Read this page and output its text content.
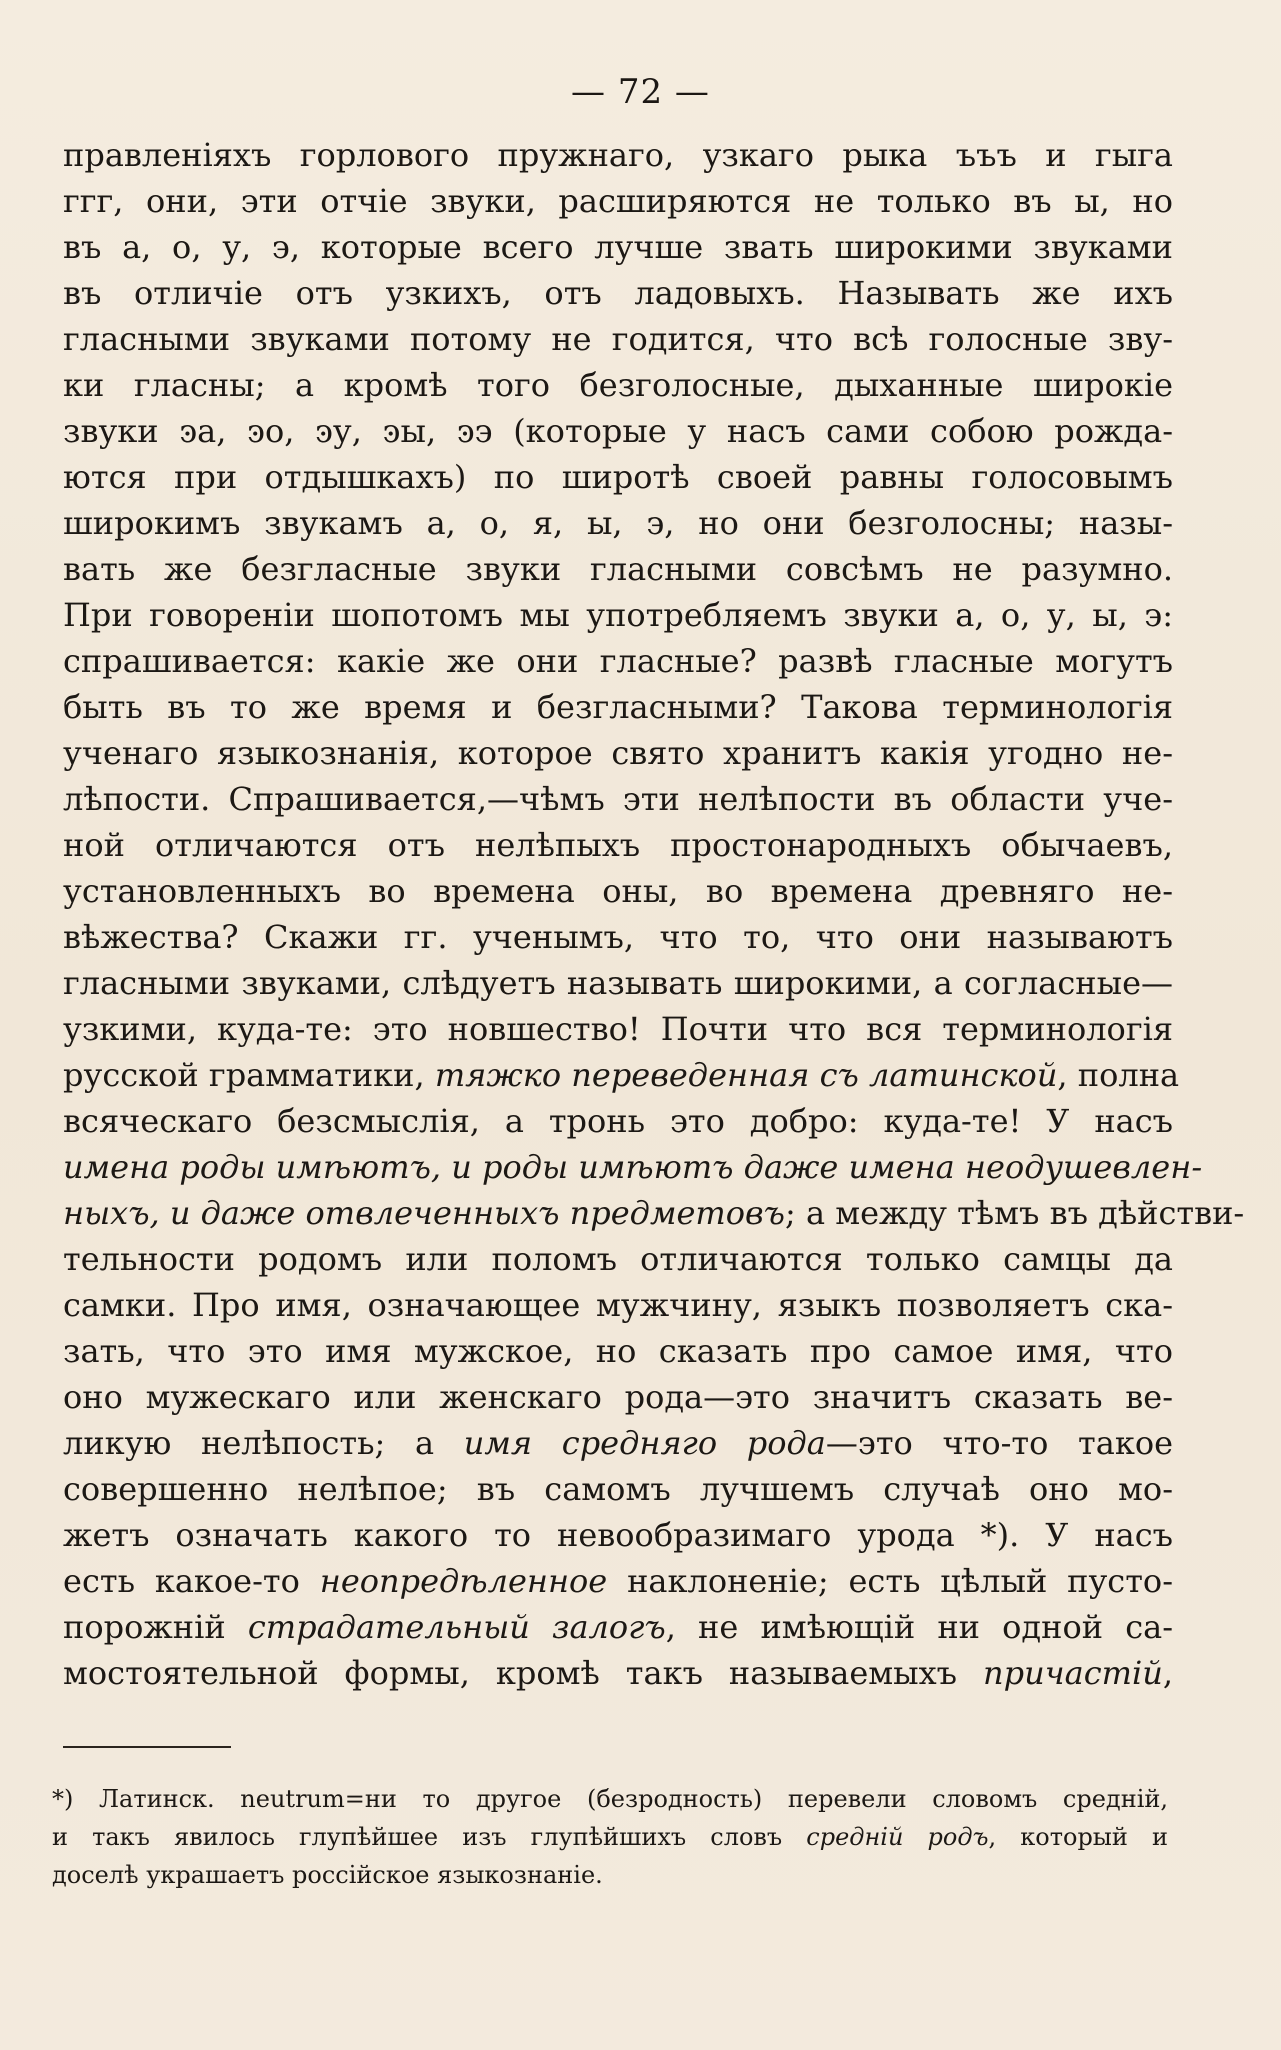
— 72 —
правленіяхъ горлового пружнаго, узкаго рыка ъъъ и гыга
ггг, они, эти отчіе звуки, расширяются не только въ ы, но
въ а, о, у, э, которые всего лучше звать широкими звуками
въ отличіе отъ узкихъ, отъ ладовыхъ. Называть же ихъ
гласными звуками потому не годится, что всѣ голосные зву-
ки гласны; а кромѣ того безголосные, дыханные широкіе
звуки ͽа, ͽо, ͽу, ͽы, ͽэ (которые у насъ сами собою рожда-
ются при отдышкахъ) по широтѣ своей равны голосовымъ
широкимъ звукамъ а, о, я, ы, э, но они безголосны; назы-
вать же безгласные звуки гласными совсѣмъ не разумно.
При говореніи шопотомъ мы употребляемъ звуки а, о, у, ы, э:
спрашивается: какіе же они гласные? развѣ гласные могутъ
быть въ то же время и безгласными? Такова терминологія
ученаго языкознанія, которое свято хранитъ какія угодно не-
лѣпости. Спрашивается,—чѣмъ эти нелѣпости въ области уче-
ной отличаются отъ нелѣпыхъ простонародныхъ обычаевъ,
установленныхъ во времена оны, во времена древняго не-
вѣжества? Скажи гг. ученымъ, что то, что они называютъ
гласными звуками, слѣдуетъ называть широкими, а согласные—
узкими, куда-те: это новшество! Почти что вся терминологія
русской грамматики, тяжко переведенная съ латинской, полна
всяческаго безсмыслія, а тронь это добро: куда-те! У насъ
имена роды имѣютъ, и роды имѣютъ даже имена неодушевлен-
ныхъ, и даже отвлеченныхъ предметовъ; а между тѣмъ въ дѣйстви-
тельности родомъ или поломъ отличаются только самцы да
самки. Про имя, означающее мужчину, языкъ позволяетъ ска-
зать, что это имя мужское, но сказать про самое имя, что
оно мужескаго или женскаго рода—это значитъ сказать ве-
ликую нелѣпость; а имя средняго рода—это что-то такое
совершенно нелѣпое; въ самомъ лучшемъ случаѣ оно мо-
жетъ означать какого то невообразимаго урода *). У насъ
есть какое-то неопредѣленное наклоненіе; есть цѣлый пусто-
порожній страдательный залогъ, не имѣющій ни одной са-
мостоятельной формы, кромѣ такъ называемыхъ причастій,
*) Латинск. neutrum=ни то другое (безродность) перевели словомъ средній,
и такъ явилось глупѣйшее изъ глупѣйшихъ словъ средній родъ, который и
доселѣ украшаетъ россійское языкознаніе.
